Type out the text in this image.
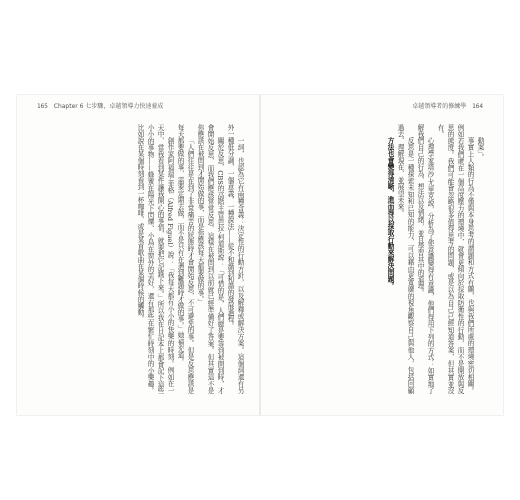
165 Chapter 6 七步驟，卓越領導力快速養成	卓越領導者的修練學 164

一詞，也認為它有兩種含義：決定性的行動方針，以及解釋或解決方案。這個詞還有另外一種低分調、一個意義，一種說法——從不和諧到和諧的發展過程。

關於反思，CBS的高階主管芭拉·柯道斯說：「可惜的是，人們總是要等到被問到時，才會開始反思，而我們應該常常反思，這樣在被問到以前就已經準備好了答案。但其實這不是你應該在被問到才開始做的事，而是你應該每天都要做的事。」

「人們往往是在到了非常痛苦的狀態時才會開始反思，不可避免的事。但是反思應該是每天都要做的事，需要定期去做，而不是只有在遇到難題時才做的事。」她補充道。

創作家阿福瑞·菲格（Alfred Figuel）說：「我每天都有小小的快樂的時刻。例如在一天中，當我看到某件讓我開心的事情，就要把它記錄下來。」所以我在日記本上都會記下這些小小的事物——蜂蜜在陽光下閃爍、小鳥在窗外的美好，還有那些在繁忙時刻中的小樂趣。比如說在某個時刻看到一杯咖啡，或是某首歌曲在某個時候的觸動。	動案」。

事實上人類的行為不僅與本身思考的謂題和方式有關，也與我們所處的環境密切相關。例如若我們處在一個高度壓力的環境中，就會更傾向於採取防衛性的行動，而不是開放與反思的態度。我們可能會忽略很多值得思考的問題，或是以為自己已經知道答案，但其實並沒有。

心理學家塔沙·尤里克說，分析為了使意識變得有意識，他們得用下列的方式：如實地了解我們自己的行為、想法以及情緒，並且學習其中的道理。

反思是一種探索未知和已知的能力，可以藉由更寬廣的視角觀察自己與他人，包括回顧過去、理解現在、並展望未來。

方法也會變得清晰，進而得以採取行動來解決問題。
